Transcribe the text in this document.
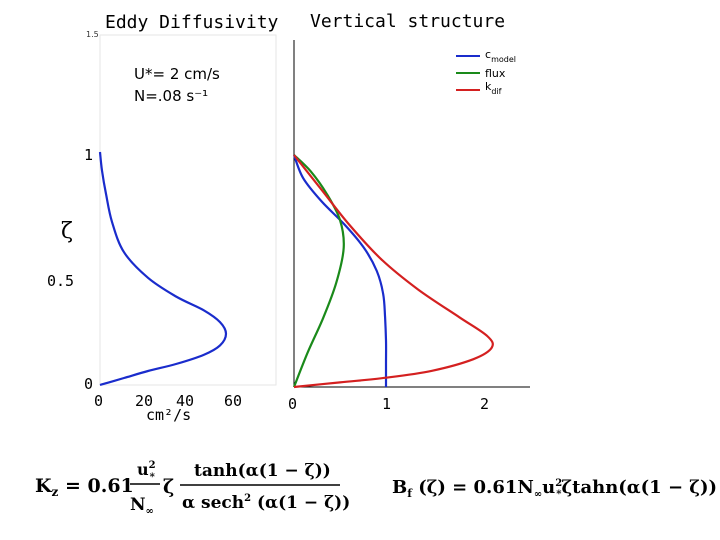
Eddy Diffusivity
1.5
U*= 2 cm/s
N=.08 s⁻¹
ζ
0
0.5
1
0 20 40 60
cm²/s
Vertical structure
0	1	2
$c_{model}$
flux
$k_{dif}$
$K_z = 0.61$
$u^2$ *
$N_\infty$
ζ
tanh(α(1 − ζ))
α sech$^2$ (α(1 − ζ))
$B_f$ $(\zeta) = 0.61N_\infty u^2$ *ζtahn(α(1 − ζ))
